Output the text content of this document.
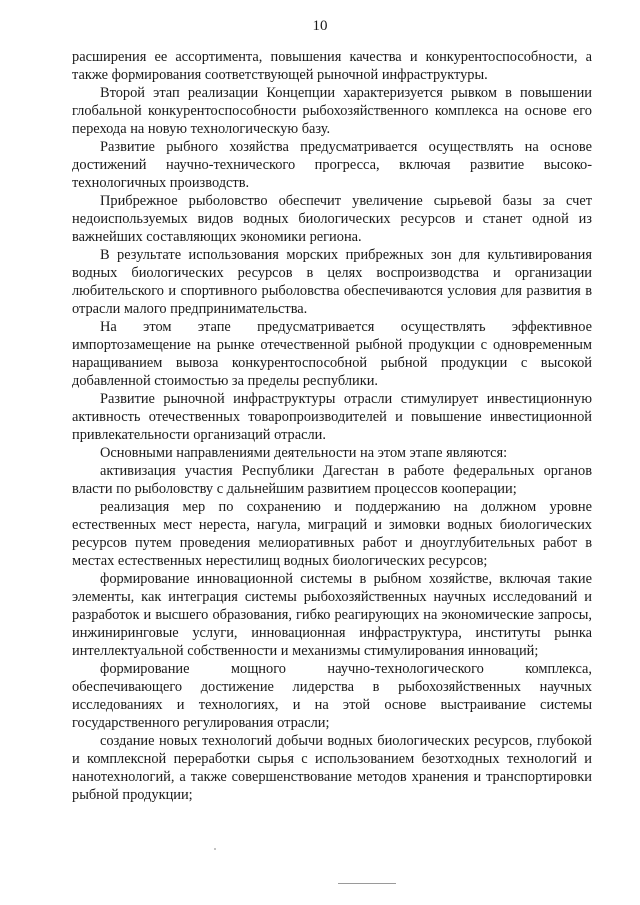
10

расширения ее ассортимента, повышения качества и конкурентоспособности, а также формирования соответствующей рыночной инфраструктуры.

Второй этап реализации Концепции характеризуется рывком в повышении глобальной конкурентоспособности рыбохозяйственного комплекса на основе его перехода на новую технологическую базу.

Развитие рыбного хозяйства предусматривается осуществлять на основе достижений научно-технического прогресса, включая развитие высоко-технологичных производств.

Прибрежное рыболовство обеспечит увеличение сырьевой базы за счет недоиспользуемых видов водных биологических ресурсов и станет одной из важнейших составляющих экономики региона.

В результате использования морских прибрежных зон для культивирования водных биологических ресурсов в целях воспроизводства и организации любительского и спортивного рыболовства обеспечиваются условия для развития в отрасли малого предпринимательства.

На этом этапе предусматривается осуществлять эффективное импортозамещение на рынке отечественной рыбной продукции с одновременным наращиванием вывоза конкурентоспособной рыбной продукции с высокой добавленной стоимостью за пределы республики.

Развитие рыночной инфраструктуры отрасли стимулирует инвестиционную активность отечественных товаропроизводителей и повышение инвестиционной привлекательности организаций отрасли.

Основными направлениями деятельности на этом этапе являются:

активизация участия Республики Дагестан в работе федеральных органов власти по рыболовству с дальнейшим развитием процессов кооперации;

реализация мер по сохранению и поддержанию на должном уровне естественных мест нереста, нагула, миграций и зимовки водных биологических ресурсов путем проведения мелиоративных работ и дноуглубительных работ в местах естественных нерестилищ водных биологических ресурсов;

формирование инновационной системы в рыбном хозяйстве, включая такие элементы, как интеграция системы рыбохозяйственных научных исследований и разработок и высшего образования, гибко реагирующих на экономические запросы, инжиниринговые услуги, инновационная инфраструктура, институты рынка интеллектуальной собственности и механизмы стимулирования инноваций;

формирование мощного научно-технологического комплекса, обеспечивающего достижение лидерства в рыбохозяйственных научных исследованиях и технологиях, и на этой основе выстраивание системы государственного регулирования отрасли;

создание новых технологий добычи водных биологических ресурсов, глубокой и комплексной переработки сырья с использованием безотходных технологий и нанотехнологий, а также совершенствование методов хранения и транспортировки рыбной продукции;
